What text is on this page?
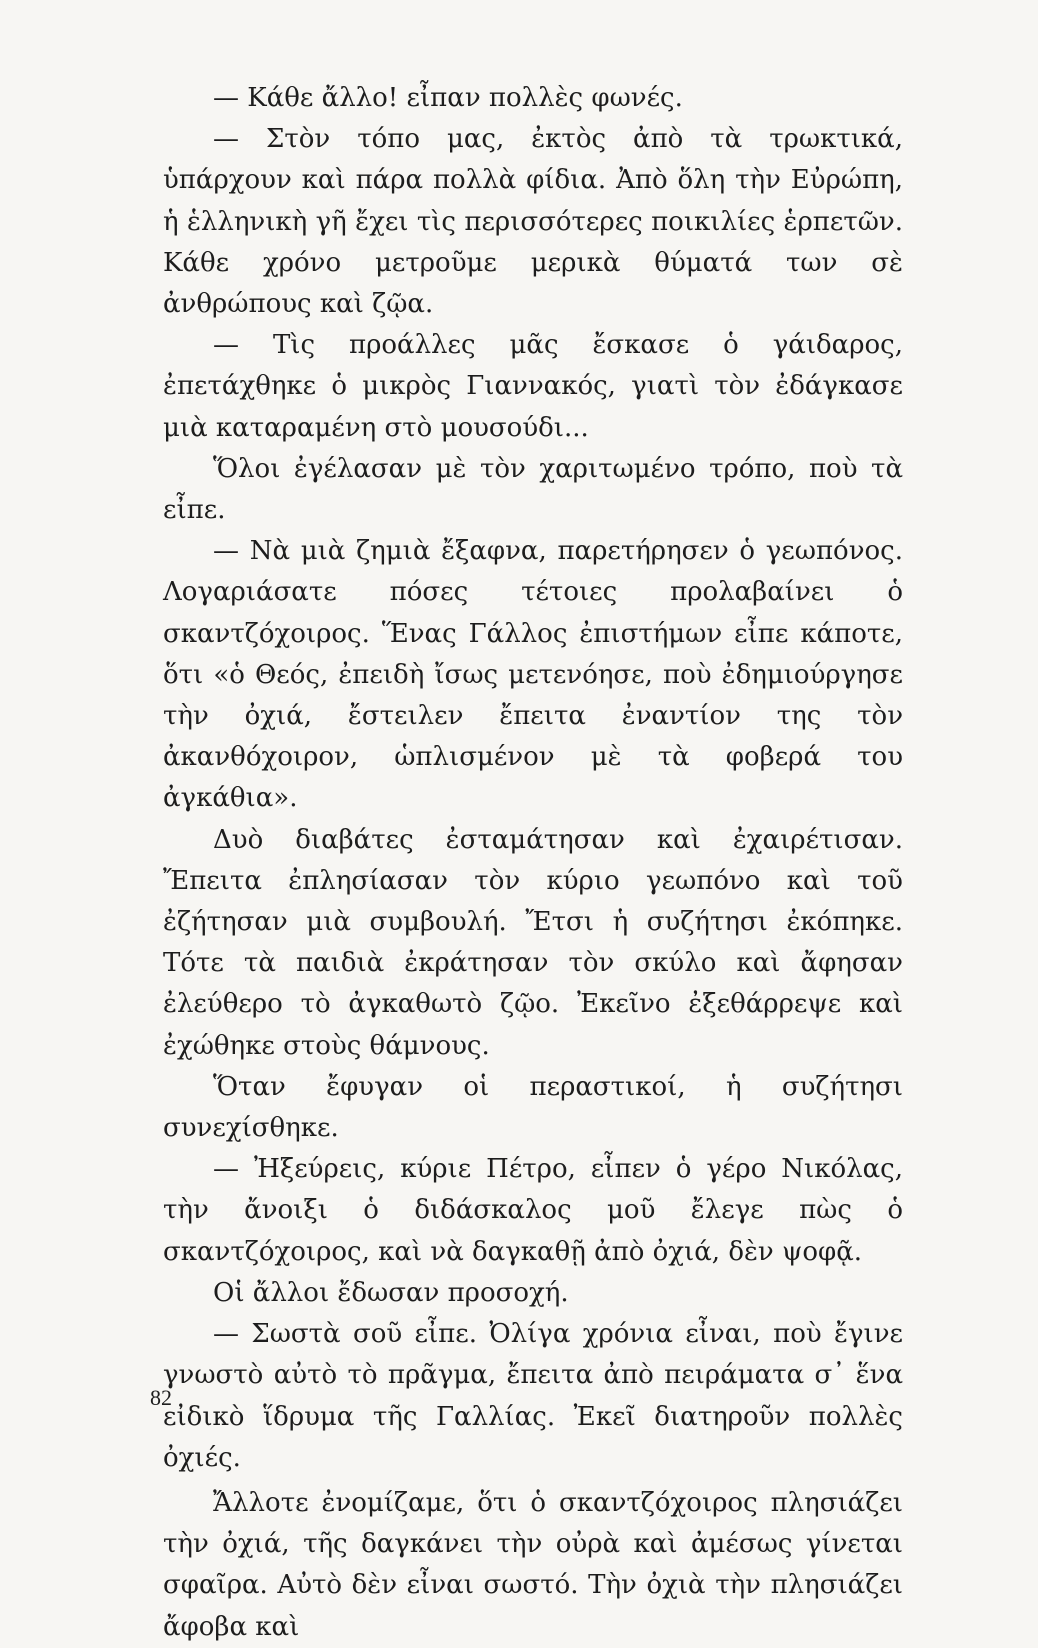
— Κάθε ἄλλο! εἶπαν πολλὲς φωνές.

— Στὸν τόπο μας, ἐκτὸς ἀπὸ τὰ τρωκτικά, ὑπάρχουν καὶ πάρα πολλὰ φίδια. Ἀπὸ ὅλη τὴν Εὐρώπη, ἡ ἑλληνικὴ γῆ ἔχει τὶς περισσότερες ποικιλίες ἑρπετῶν. Κάθε χρόνο μετροῦμε μερικὰ θύματά των σὲ ἀνθρώπους καὶ ζῷα.

— Τὶς προάλλες μᾶς ἔσκασε ὁ γάιδαρος, ἐπετάχθηκε ὁ μικρὸς Γιαννακός, γιατὶ τὸν ἐδάγκασε μιὰ καταραμένη στὸ μουσούδι...

Ὅλοι ἐγέλασαν μὲ τὸν χαριτωμένο τρόπο, ποὺ τὰ εἶπε.

— Νὰ μιὰ ζημιὰ ἔξαφνα, παρετήρησεν ὁ γεωπόνος. Λογαριάσατε πόσες τέτοιες προλαβαίνει ὁ σκαντζόχοιρος. Ἕνας Γάλλος ἐπιστήμων εἶπε κάποτε, ὅτι «ὁ Θεός, ἐπειδὴ ἴσως μετενόησε, ποὺ ἐδημιούργησε τὴν ὀχιά, ἔστειλεν ἔπειτα ἐναντίον της τὸν ἀκανθόχοιρον, ὡπλισμένον μὲ τὰ φοβερά του ἀγκάθια».

Δυὸ διαβάτες ἐσταμάτησαν καὶ ἐχαιρέτισαν. Ἔπειτα ἐπλησίασαν τὸν κύριο γεωπόνο καὶ τοῦ ἐζήτησαν μιὰ συμβουλή. Ἔτσι ἡ συζήτησι ἐκόπηκε. Τότε τὰ παιδιὰ ἐκράτησαν τὸν σκύλο καὶ ἄφησαν ἐλεύθερο τὸ ἀγκαθωτὸ ζῷο. Ἐκεῖνο ἐξεθάρρεψε καὶ ἐχώθηκε στοὺς θάμνους.

Ὅταν ἔφυγαν οἱ περαστικοί, ἡ συζήτησι συνεχίσθηκε.

— Ἠξεύρεις, κύριε Πέτρο, εἶπεν ὁ γέρο Νικόλας, τὴν ἄνοιξι ὁ διδάσκαλος μοῦ ἔλεγε πὼς ὁ σκαντζόχοιρος, καὶ νὰ δαγκαθῇ ἀπὸ ὀχιά, δὲν ψοφᾷ.

Οἱ ἄλλοι ἔδωσαν προσοχή.

— Σωστὰ σοῦ εἶπε. Ὀλίγα χρόνια εἶναι, ποὺ ἔγινε γνωστὸ αὐτὸ τὸ πρᾶγμα, ἔπειτα ἀπὸ πειράματα σ᾽ ἕνα εἰδικὸ ἵδρυμα τῆς Γαλλίας. Ἐκεῖ διατηροῦν πολλὲς ὀχιές.

Ἄλλοτε ἐνομίζαμε, ὅτι ὁ σκαντζόχοιρος πλησιάζει τὴν ὀχιά, τῆς δαγκάνει τὴν οὐρὰ καὶ ἀμέσως γίνεται σφαῖρα. Αὐτὸ δὲν εἶναι σωστό. Τὴν ὀχιὰ τὴν πλησιάζει ἄφοβα καὶ

82
